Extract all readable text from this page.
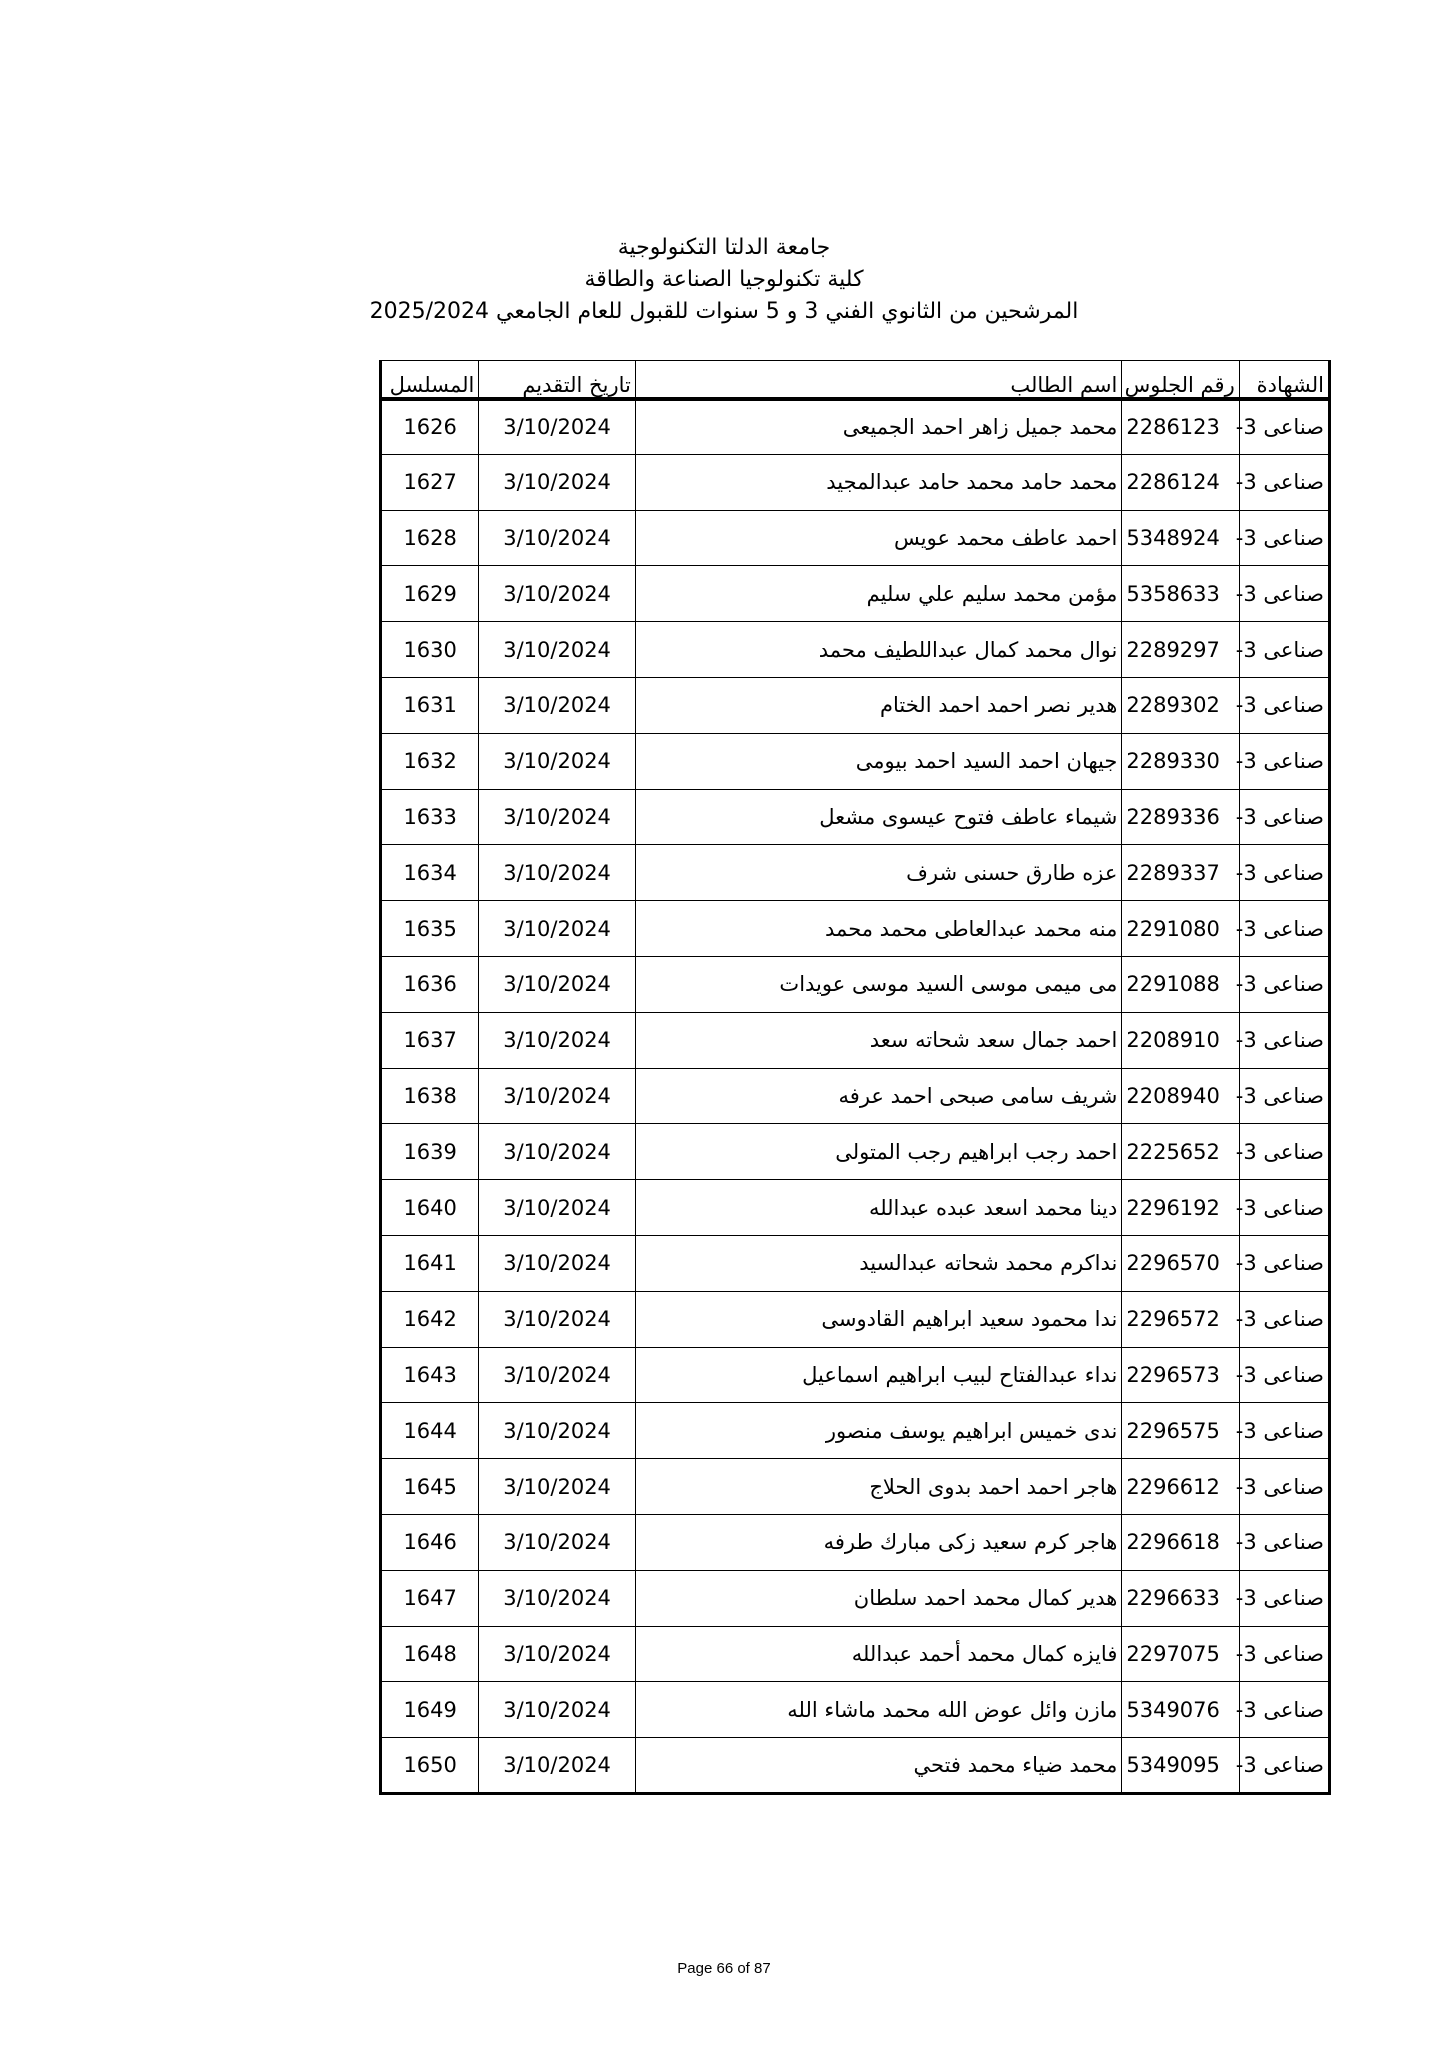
جامعة الدلتا التكنولوجية
كلية تكنولوجيا الصناعة والطاقة
المرشحين من الثانوي الفني 3 و 5 سنوات للقبول للعام الجامعي 2025/2024
الشهادة	رقم الجلوس	اسم الطالب	تاريخ التقديم	المسلسل
صناعى 3-	2286123	محمد جميل زاهر احمد الجميعى	3/10/2024	1626
صناعى 3-	2286124	محمد حامد محمد حامد عبدالمجيد	3/10/2024	1627
صناعى 3-	5348924	احمد عاطف محمد عويس	3/10/2024	1628
صناعى 3-	5358633	مؤمن محمد سليم علي سليم	3/10/2024	1629
صناعى 3-	2289297	نوال محمد كمال عبداللطيف محمد	3/10/2024	1630
صناعى 3-	2289302	هدير نصر احمد احمد الختام	3/10/2024	1631
صناعى 3-	2289330	جيهان احمد السيد احمد بيومى	3/10/2024	1632
صناعى 3-	2289336	شيماء عاطف فتوح عيسوى مشعل	3/10/2024	1633
صناعى 3-	2289337	عزه طارق حسنى شرف	3/10/2024	1634
صناعى 3-	2291080	منه محمد عبدالعاطى محمد محمد	3/10/2024	1635
صناعى 3-	2291088	مى ميمى موسى السيد موسى عويدات	3/10/2024	1636
صناعى 3-	2208910	احمد جمال سعد شحاته سعد	3/10/2024	1637
صناعى 3-	2208940	شريف سامى صبحى احمد عرفه	3/10/2024	1638
صناعى 3-	2225652	احمد رجب ابراهيم رجب المتولى	3/10/2024	1639
صناعى 3-	2296192	دينا محمد اسعد عبده عبدالله	3/10/2024	1640
صناعى 3-	2296570	نداكرم محمد شحاته عبدالسيد	3/10/2024	1641
صناعى 3-	2296572	ندا محمود سعيد ابراهيم القادوسى	3/10/2024	1642
صناعى 3-	2296573	نداء عبدالفتاح لبيب ابراهيم اسماعيل	3/10/2024	1643
صناعى 3-	2296575	ندى خميس ابراهيم يوسف منصور	3/10/2024	1644
صناعى 3-	2296612	هاجر احمد احمد بدوى الحلاج	3/10/2024	1645
صناعى 3-	2296618	هاجر كرم سعيد زكى مبارك طرفه	3/10/2024	1646
صناعى 3-	2296633	هدير كمال محمد احمد سلطان	3/10/2024	1647
صناعى 3-	2297075	فايزه كمال محمد أحمد عبدالله	3/10/2024	1648
صناعى 3-	5349076	مازن وائل عوض الله محمد ماشاء الله	3/10/2024	1649
صناعى 3-	5349095	محمد ضياء محمد فتحي	3/10/2024	1650
Page 66 of 87
